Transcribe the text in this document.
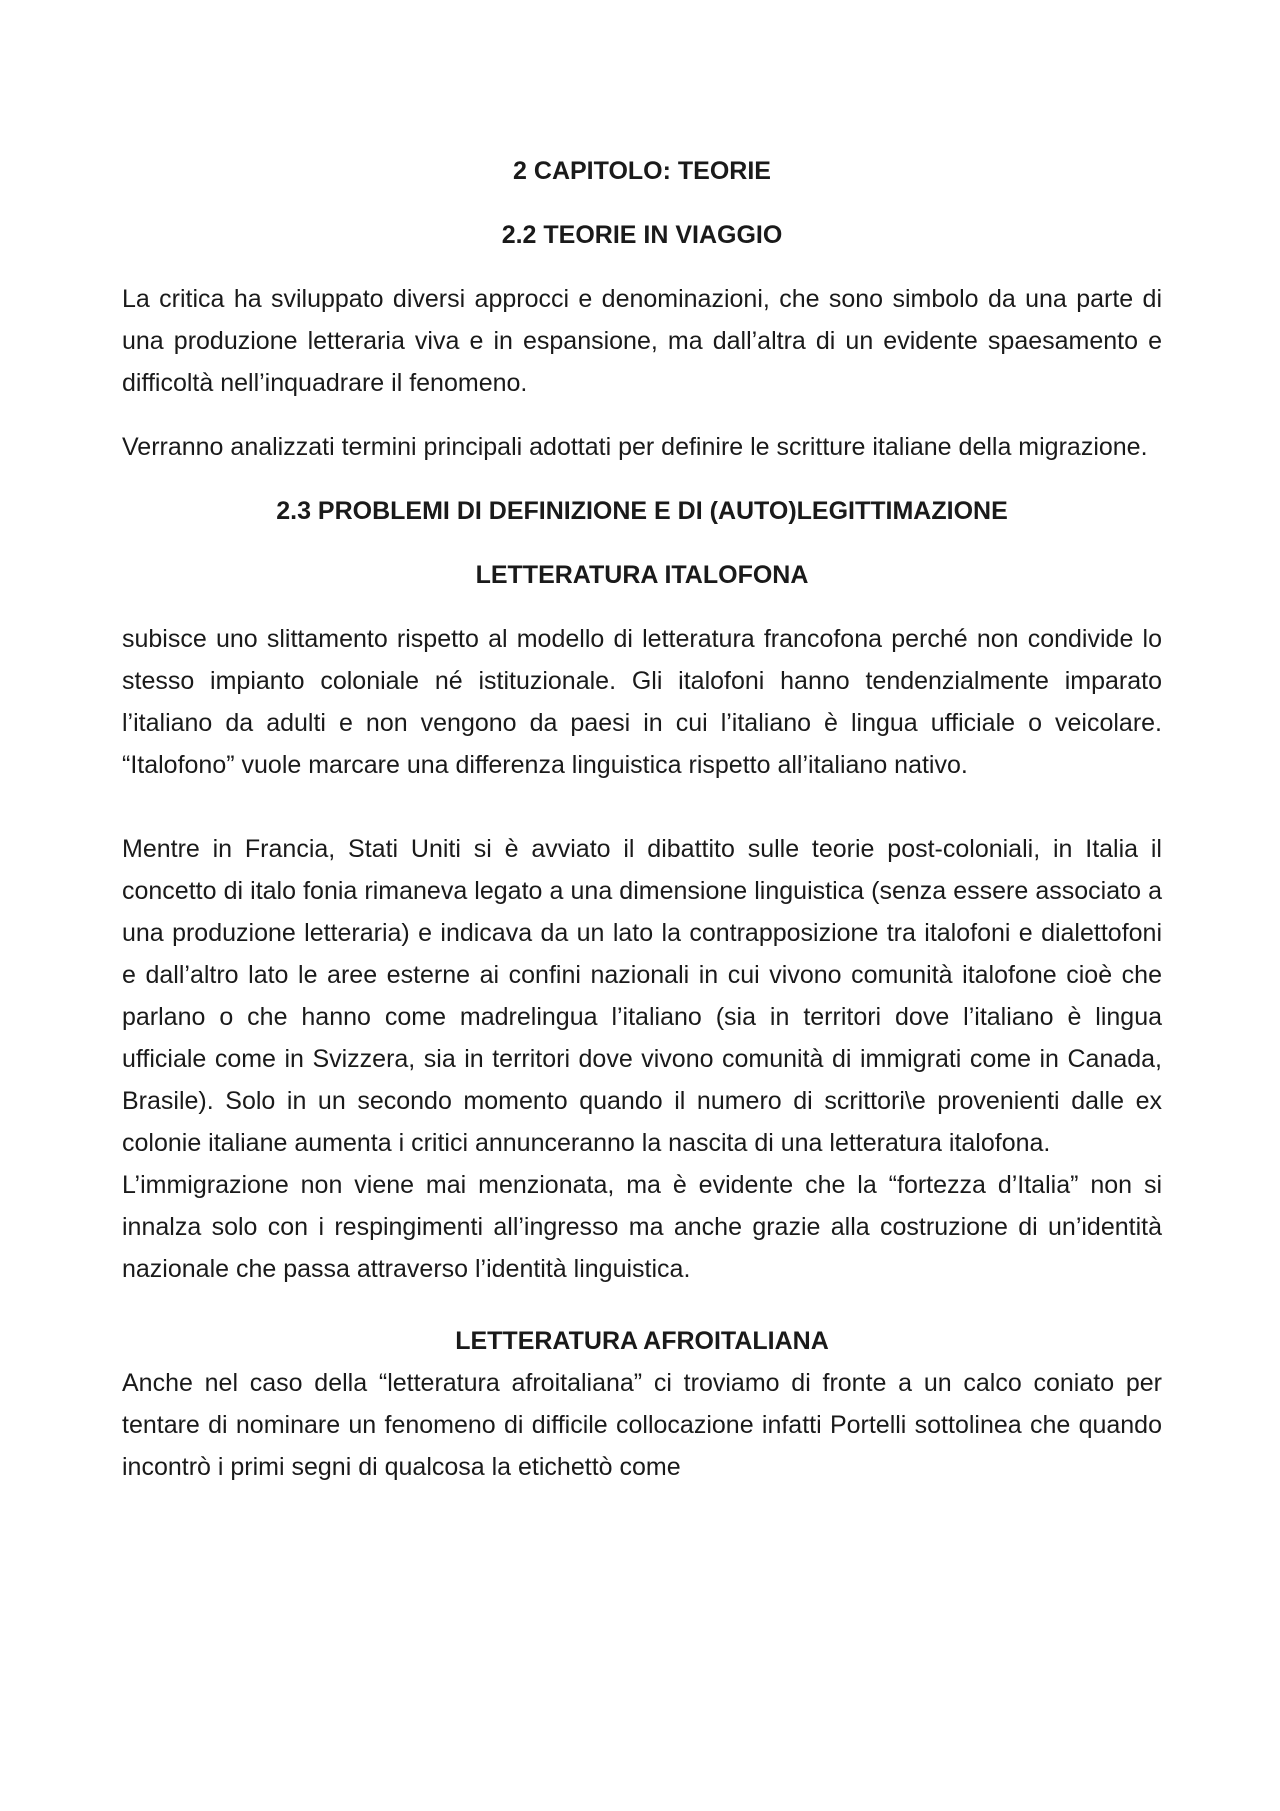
2 CAPITOLO: TEORIE
2.2 TEORIE IN VIAGGIO
La critica ha sviluppato diversi approcci e denominazioni, che sono simbolo da una parte di una produzione letteraria viva e in espansione, ma dall’altra di un evidente spaesamento e difficoltà nell’inquadrare il fenomeno.
Verranno analizzati termini principali adottati per definire le scritture italiane della migrazione.
2.3 PROBLEMI DI DEFINIZIONE E DI (AUTO)LEGITTIMAZIONE
LETTERATURA ITALOFONA
subisce uno slittamento rispetto al modello di letteratura francofona perché non condivide lo stesso impianto coloniale né istituzionale. Gli italofoni hanno tendenzialmente imparato l’italiano da adulti e non vengono da paesi in cui l’italiano è lingua ufficiale o veicolare. “Italofono” vuole marcare una differenza linguistica rispetto all’italiano nativo.
Mentre in Francia, Stati Uniti si è avviato il dibattito sulle teorie post-coloniali, in Italia il concetto di italo fonia rimaneva legato a una dimensione linguistica (senza essere associato a una produzione letteraria) e indicava da un lato la contrapposizione tra italofoni e dialettofoni e dall’altro lato le aree esterne ai confini nazionali in cui vivono comunità italofone cioè che parlano o che hanno come madrelingua l’italiano (sia in territori dove l’italiano è lingua ufficiale come in Svizzera, sia in territori dove vivono comunità di immigrati come in Canada, Brasile). Solo in un secondo momento quando il numero di scrittori\e provenienti dalle ex colonie italiane aumenta i critici annunceranno la nascita di una letteratura italofona.
L’immigrazione non viene mai menzionata, ma è evidente che la “fortezza d’Italia” non si innalza solo con i respingimenti all’ingresso ma anche grazie alla costruzione di un’identità nazionale che passa attraverso l’identità linguistica.
LETTERATURA AFROITALIANA
Anche nel caso della “letteratura afroitaliana” ci troviamo di fronte a un calco coniato per tentare di nominare un fenomeno di difficile collocazione infatti Portelli sottolinea che quando incontrò i primi segni di qualcosa la etichettò come
